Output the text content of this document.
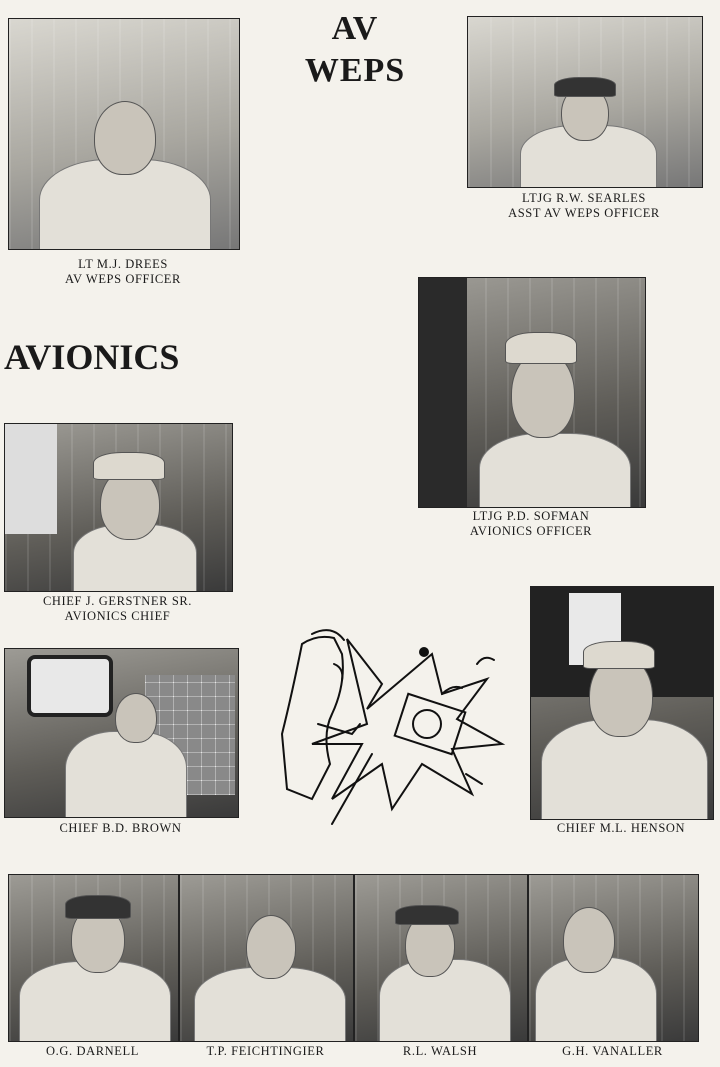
AV
WEPS
LT M.J. DREES
AV WEPS OFFICER
LTJG R.W. SEARLES
ASST AV WEPS OFFICER
AVIONICS
LTJG P.D. SOFMAN
AVIONICS OFFICER
CHIEF J. GERSTNER SR.
AVIONICS CHIEF
CHIEF B.D. BROWN	CHIEF M.L. HENSON
O.G. DARNELL	T.P. FEICHTINGIER	R.L. WALSH	G.H. VANALLER
